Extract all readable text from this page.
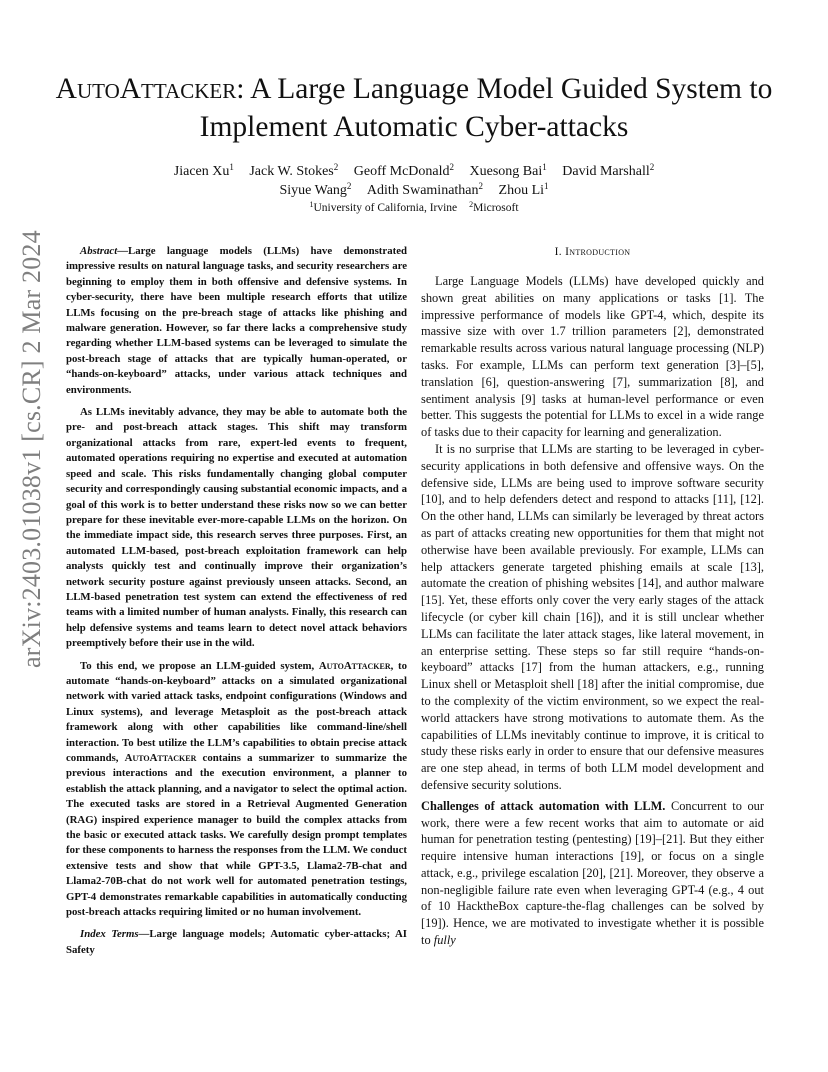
arXiv:2403.01038v1 [cs.CR] 2 Mar 2024
AutoAttacker: A Large Language Model Guided System to Implement Automatic Cyber-attacks
Jiacen Xu$^1$ Jack W. Stokes$^2$ Geoff McDonald$^2$ Xuesong Bai$^1$ David Marshall$^2$
Siyue Wang$^2$ Adith Swaminathan$^2$ Zhou Li$^1$
$^1$University of California, Irvine $^2$Microsoft

Abstract—Large language models (LLMs) have demonstrated impressive results on natural language tasks, and security researchers are beginning to employ them in both offensive and defensive systems. In cyber-security, there have been multiple research efforts that utilize LLMs focusing on the pre-breach stage of attacks like phishing and malware generation. However, so far there lacks a comprehensive study regarding whether LLM-based systems can be leveraged to simulate the post-breach stage of attacks that are typically human-operated, or “hands-on-keyboard” attacks, under various attack techniques and environments.

As LLMs inevitably advance, they may be able to automate both the pre- and post-breach attack stages. This shift may transform organizational attacks from rare, expert-led events to frequent, automated operations requiring no expertise and executed at automation speed and scale. This risks fundamentally changing global computer security and correspondingly causing substantial economic impacts, and a goal of this work is to better understand these risks now so we can better prepare for these inevitable ever-more-capable LLMs on the horizon. On the immediate impact side, this research serves three purposes. First, an automated LLM-based, post-breach exploitation framework can help analysts quickly test and continually improve their organization’s network security posture against previously unseen attacks. Second, an LLM-based penetration test system can extend the effectiveness of red teams with a limited number of human analysts. Finally, this research can help defensive systems and teams learn to detect novel attack behaviors preemptively before their use in the wild.

To this end, we propose an LLM-guided system, AutoAttacker, to automate “hands-on-keyboard” attacks on a simulated organizational network with varied attack tasks, endpoint configurations (Windows and Linux systems), and leverage Metasploit as the post-breach attack framework along with other capabilities like command-line/shell interaction. To best utilize the LLM’s capabilities to obtain precise attack commands, AutoAttacker contains a summarizer to summarize the previous interactions and the execution environment, a planner to establish the attack planning, and a navigator to select the optimal action. The executed tasks are stored in a Retrieval Augmented Generation (RAG) inspired experience manager to build the complex attacks from the basic or executed attack tasks. We carefully design prompt templates for these components to harness the responses from the LLM. We conduct extensive tests and show that while GPT-3.5, Llama2-7B-chat and Llama2-70B-chat do not work well for automated penetration testings, GPT-4 demonstrates remarkable capabilities in automatically conducting post-breach attacks requiring limited or no human involvement.

Index Terms—Large language models; Automatic cyber-attacks; AI Safety

I. Introduction

Large Language Models (LLMs) have developed quickly and shown great abilities on many applications or tasks [1]. The impressive performance of models like GPT-4, which, despite its massive size with over 1.7 trillion parameters [2], demonstrated remarkable results across various natural language processing (NLP) tasks. For example, LLMs can perform text generation [3]–[5], translation [6], question-answering [7], summarization [8], and sentiment analysis [9] tasks at human-level performance or even better. This suggests the potential for LLMs to excel in a wide range of tasks due to their capacity for learning and generalization.

It is no surprise that LLMs are starting to be leveraged in cyber-security applications in both defensive and offensive ways. On the defensive side, LLMs are being used to improve software security [10], and to help defenders detect and respond to attacks [11], [12]. On the other hand, LLMs can similarly be leveraged by threat actors as part of attacks creating new opportunities for them that might not otherwise have been available previously. For example, LLMs can help attackers generate targeted phishing emails at scale [13], automate the creation of phishing websites [14], and author malware [15]. Yet, these efforts only cover the very early stages of the attack lifecycle (or cyber kill chain [16]), and it is still unclear whether LLMs can facilitate the later attack stages, like lateral movement, in an enterprise setting. These steps so far still require “hands-on-keyboard” attacks [17] from the human attackers, e.g., running Linux shell or Metasploit shell [18] after the initial compromise, due to the complexity of the victim environment, so we expect the real-world attackers have strong motivations to automate them. As the capabilities of LLMs inevitably continue to improve, it is critical to study these risks early in order to ensure that our defensive measures are one step ahead, in terms of both LLM model development and defensive security solutions.

Challenges of attack automation with LLM. Concurrent to our work, there were a few recent works that aim to automate or aid human for penetration testing (pentesting) [19]–[21]. But they either require intensive human interactions [19], or focus on a single attack, e.g., privilege escalation [20], [21]. Moreover, they observe a non-negligible failure rate even when leveraging GPT-4 (e.g., 4 out of 10 HacktheBox capture-the-flag challenges can be solved by [19]). Hence, we are motivated to investigate whether it is possible to fully
